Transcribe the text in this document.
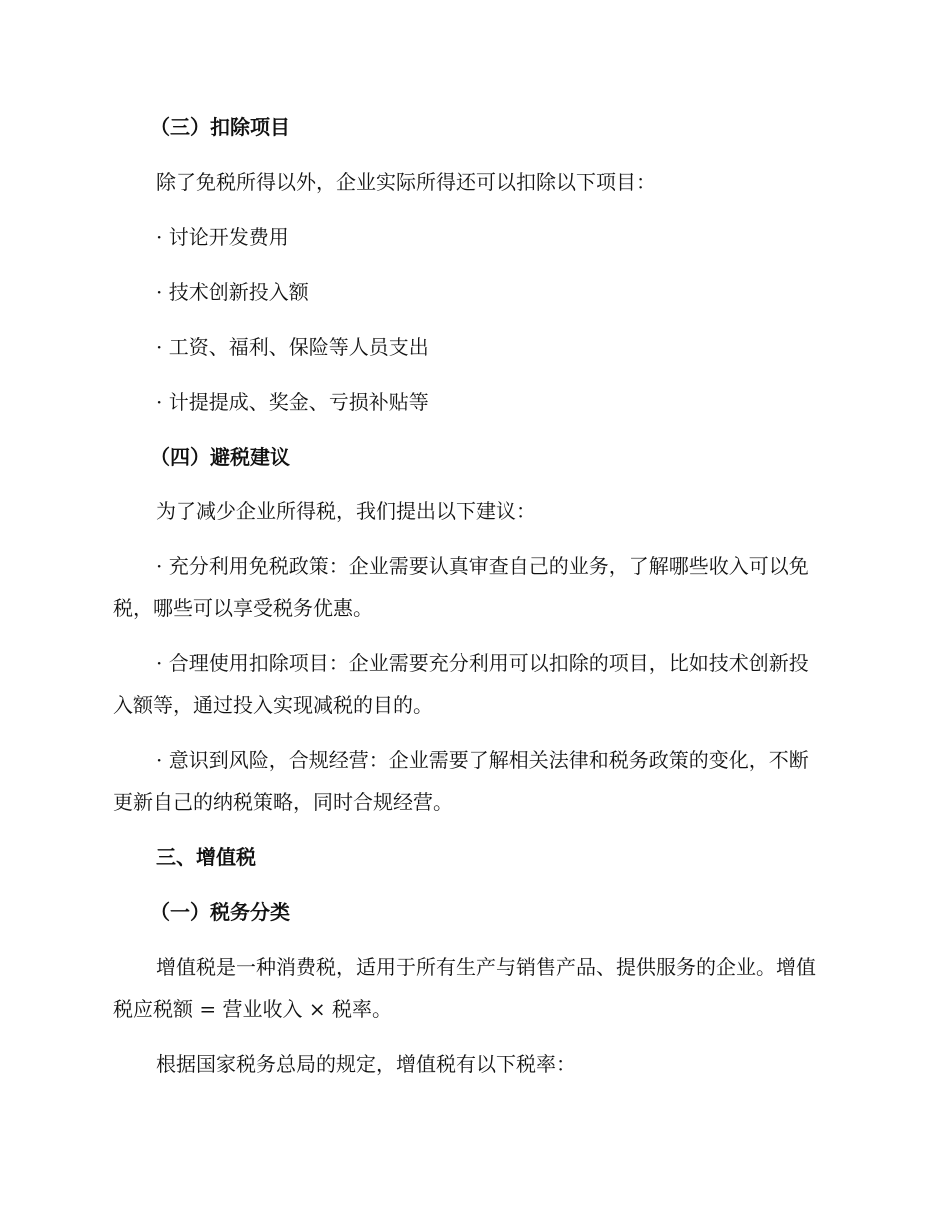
（三）扣除项目

除了免税所得以外，企业实际所得还可以扣除以下项目：

· 讨论开发费用

· 技术创新投入额

· 工资、福利、保险等人员支出

· 计提提成、奖金、亏损补贴等

（四）避税建议

为了减少企业所得税，我们提出以下建议：

· 充分利用免税政策：企业需要认真审查自己的业务，了解哪些收入可以免税，哪些可以享受税务优惠。

· 合理使用扣除项目：企业需要充分利用可以扣除的项目，比如技术创新投入额等，通过投入实现减税的目的。

· 意识到风险，合规经营：企业需要了解相关法律和税务政策的变化，不断更新自己的纳税策略，同时合规经营。

三、增值税

（一）税务分类

增值税是一种消费税，适用于所有生产与销售产品、提供服务的企业。增值税应税额 = 营业收入 × 税率。

根据国家税务总局的规定，增值税有以下税率：
